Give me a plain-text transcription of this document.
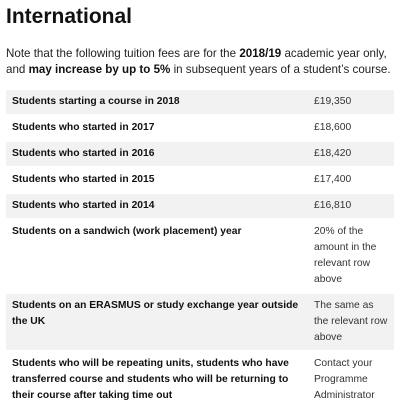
International

Note that the following tuition fees are for the 2018/19 academic year only, and may increase by up to 5% in subsequent years of a student’s course.

Students starting a course in 2018	£19,350
Students who started in 2017	£18,600
Students who started in 2016	£18,420
Students who started in 2015	£17,400
Students who started in 2014	£16,810
Students on a sandwich (work placement) year	20% of the amount in the relevant row above
Students on an ERASMUS or study exchange year outside the UK	The same as the relevant row above
Students who will be repeating units, students who have transferred course and students who will be returning to their course after taking time out	Contact your Programme Administrator
